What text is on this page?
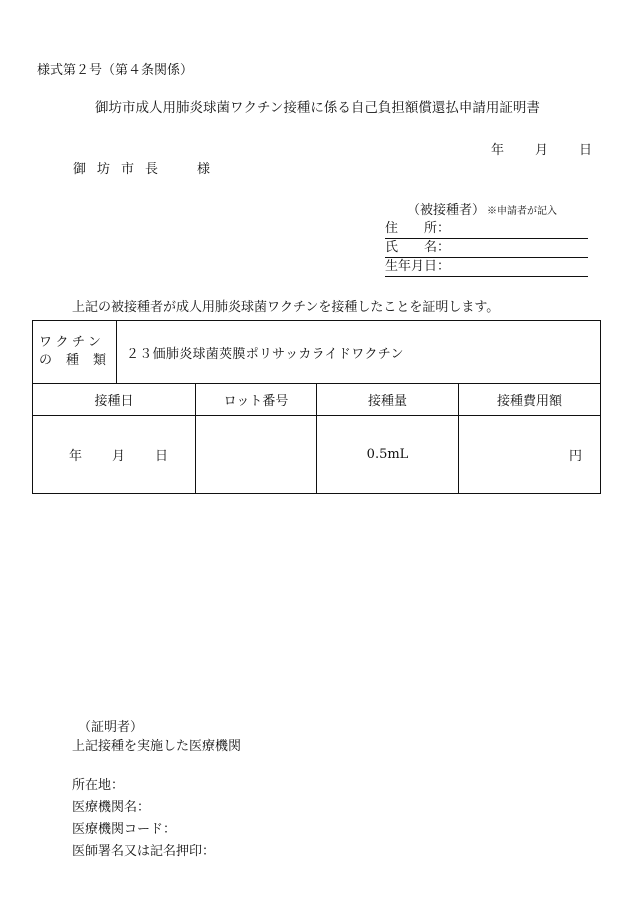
様式第２号（第４条関係）
御坊市成人用肺炎球菌ワクチン接種に係る自己負担額償還払申請用証明書
年 月 日
御坊市長 様
（被接種者） ※申請者が記入
住　　所：
氏　　名：
生年月日：
上記の被接種者が成人用肺炎球菌ワクチンを接種したことを証明します。
ワクチン
の 種 類	２３価肺炎球菌莢膜ポリサッカライドワクチン			
接種日		ロット番号	接種量	接種費用額
年 月 日			0.5mL	円
（証明者）
上記接種を実施した医療機関
所在地：
医療機関名：
医療機関コード：
医師署名又は記名押印：
